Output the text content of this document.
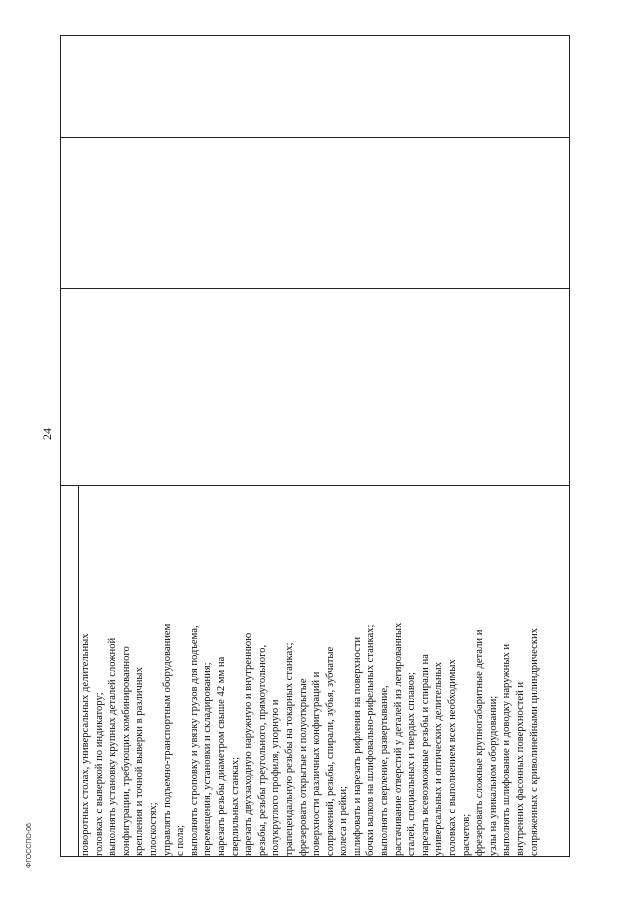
поворотных столах, универсальных делительных головках с выверкой по индикатору; выполнять установку крупных деталей сложной конфигурации, требующих комбинированного крепления и точной выверки в различных плоскостях; управлять подъемно-транспортным оборудованием с пола; выполнять строповку и увязку грузов для подъема, перемещения, установки и складирования; нарезать резьбы диаметром свыше 42 мм на сверлильных станках; нарезать двухзаходную наружную и внутреннюю резьбы, резьбы треугольного, прямоугольного, полукруглого профиля, упорную и трапецеидальную резьбы на токарных станках; фрезеровать открытые и полуоткрытые поверхности различных конфигураций и сопряжений, резьбы, спирали, зубья, зубчатые колеса и рейки; шлифовать и нарезать рифления на поверхности бочки валков на шлифовально-рифельных станках; выполнять сверление, развертывание, растачивание отверстий у деталей из легированных сталей, специальных и твердых сплавов; нарезать всевозможные резьбы и спирали на универсальных и оптических делительных головках с выполнением всех необходимых расчетов; фрезеровать сложные крупногабаритные детали и узлы на уникальном оборудовании; выполнять шлифование и доводку наружных и внутренних фасонных поверхностей и сопряженных с криволинейными цилиндрических

24
ФГОССПО-06
